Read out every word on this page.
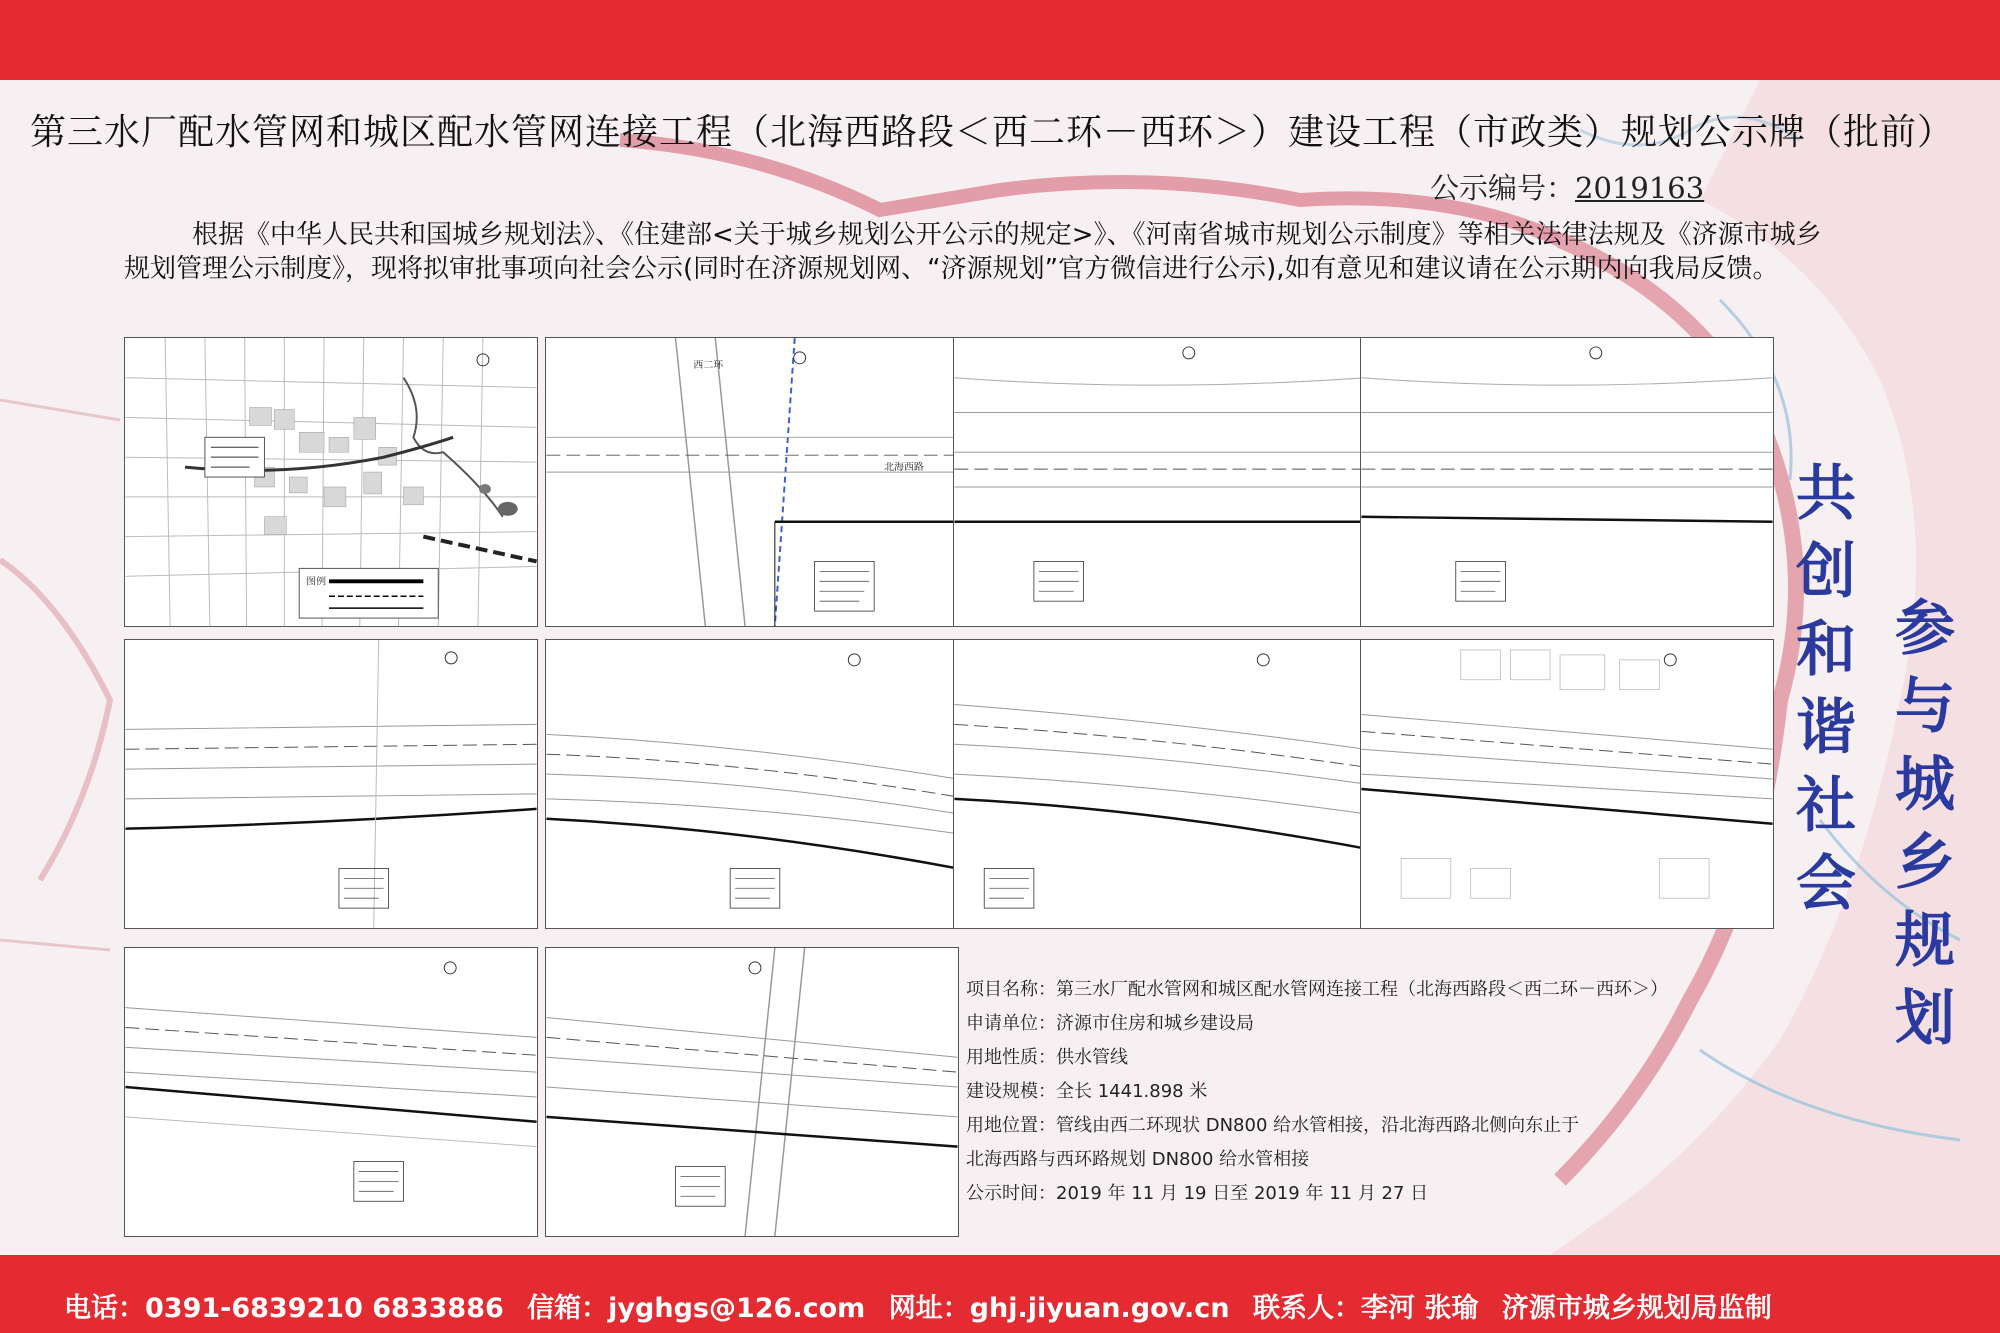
第三水厂配水管网和城区配水管网连接工程（北海西路段＜西二环－西环＞）建设工程（市政类）规划公示牌（批前）
公示编号：2019163
根据《中华人民共和国城乡规划法》、《住建部<关于城乡规划公开公示的规定>》、《河南省城市规划公示制度》等相关法律法规及《济源市城乡规划管理公示制度》，现将拟审批事项向社会公示(同时在济源规划网、“济源规划”官方微信进行公示),如有意见和建议请在公示期内向我局反馈。
图例
北海西路
西二环
项目名称：第三水厂配水管网和城区配水管网连接工程（北海西路段＜西二环－西环＞）
申请单位：济源市住房和城乡建设局
用地性质：供水管线
建设规模：全长 1441.898 米
用地位置：管线由西二环现状 DN800 给水管相接，沿北海西路北侧向东止于
北海西路与西环路规划 DN800 给水管相接
公示时间：2019 年 11 月 19 日至 2019 年 11 月 27 日
共
创
和
谐
社
会
参
与
城
乡
规
划
电话：0391-6839210 6833886 信箱：jyghgs@126.com 网址：ghj.jiyuan.gov.cn 联系人：李河 张瑜 济源市城乡规划局监制
